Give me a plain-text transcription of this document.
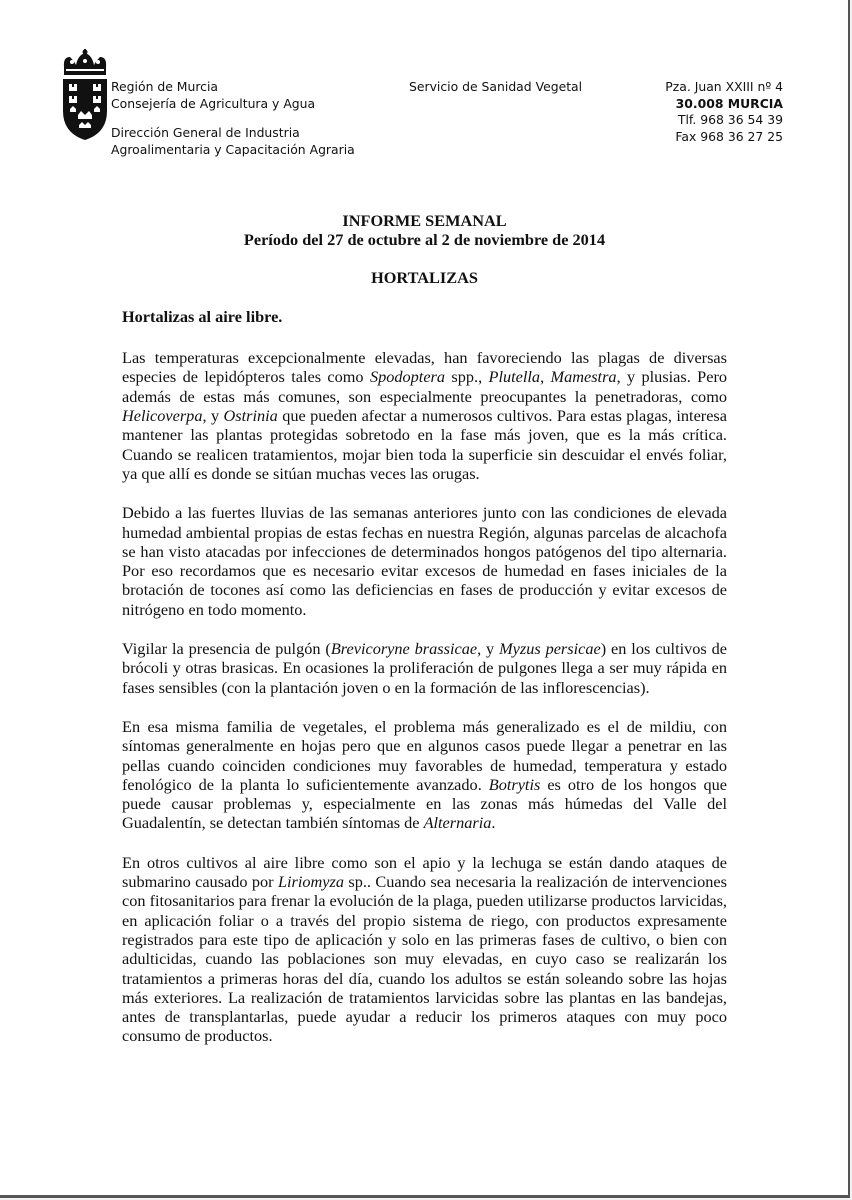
Región de Murcia
Consejería de Agricultura y Agua
Dirección General de Industria
Agroalimentaria y Capacitación Agraria
Servicio de Sanidad Vegetal	Pza. Juan XXIII nº 4
30.008 MURCIA
Tlf. 968 36 54 39
Fax 968 36 27 25
INFORME SEMANAL
Período del 27 de octubre al 2 de noviembre de 2014
HORTALIZAS
Hortalizas al aire libre.

Las temperaturas excepcionalmente elevadas, han favoreciendo las plagas de diversas especies de lepidópteros tales como Spodoptera spp., Plutella, Mamestra, y plusias. Pero además de estas más comunes, son especialmente preocupantes la penetradoras, como Helicoverpa, y Ostrinia que pueden afectar a numerosos cultivos. Para estas plagas, interesa mantener las plantas protegidas sobretodo en la fase más joven, que es la más crítica. Cuando se realicen tratamientos, mojar bien toda la superficie sin descuidar el envés foliar, ya que allí es donde se sitúan muchas veces las orugas.

Debido a las fuertes lluvias de las semanas anteriores junto con las condiciones de elevada humedad ambiental propias de estas fechas en nuestra Región, algunas parcelas de alcachofa se han visto atacadas por infecciones de determinados hongos patógenos del tipo alternaria. Por eso recordamos que es necesario evitar excesos de humedad en fases iniciales de la brotación de tocones así como las deficiencias en fases de producción y evitar excesos de nitrógeno en todo momento.

Vigilar la presencia de pulgón (Brevicoryne brassicae, y Myzus persicae) en los cultivos de brócoli y otras brasicas. En ocasiones la proliferación de pulgones llega a ser muy rápida en fases sensibles (con la plantación joven o en la formación de las inflorescencias).

En esa misma familia de vegetales, el problema más generalizado es el de mildiu, con síntomas generalmente en hojas pero que en algunos casos puede llegar a penetrar en las pellas cuando coinciden condiciones muy favorables de humedad, temperatura y estado fenológico de la planta lo suficientemente avanzado. Botrytis es otro de los hongos que puede causar problemas y, especialmente en las zonas más húmedas del Valle del Guadalentín, se detectan también síntomas de Alternaria.

En otros cultivos al aire libre como son el apio y la lechuga se están dando ataques de submarino causado por Liriomyza sp.. Cuando sea necesaria la realización de intervenciones con fitosanitarios para frenar la evolución de la plaga, pueden utilizarse productos larvicidas, en aplicación foliar o a través del propio sistema de riego, con productos expresamente registrados para este tipo de aplicación y solo en las primeras fases de cultivo, o bien con adulticidas, cuando las poblaciones son muy elevadas, en cuyo caso se realizarán los tratamientos a primeras horas del día, cuando los adultos se están soleando sobre las hojas más exteriores. La realización de tratamientos larvicidas sobre las plantas en las bandejas, antes de transplantarlas, puede ayudar a reducir los primeros ataques con muy poco consumo de productos.
